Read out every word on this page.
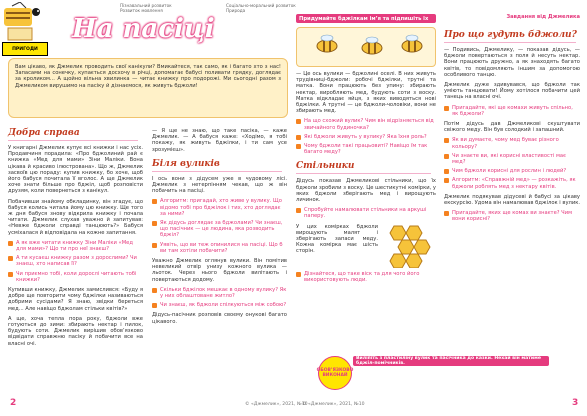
ПРИГОДИ
Пізнавальний розвиток
Розвиток мовлення
Соціально-моральний розвиток
Природа
На пасіці
Вам цікаво, як Джмелик проводить свої канікули? Вмикайтеся, так само, як і багато хто з нас! Запасами на сонечку, купається досхочу в річці, допомагає бабусі поливати грядку, доглядає за кроликом... А щойно вільна хвилинка — читає книжку про подорожі. Ми сьогодні разом з Джмеликом вирушимо на пасіку й дізнаємося, як живуть бджоли!
Добра справа
У книгарні Джмелик купує всі книжки і нас усіх. Продавчиня порадила: «Про бджолиний рай є книжка «Мед для мами» Зіни Маліки. Вона цікава й красиво ілюстрована». Що ж, Джмелик засвоїв цю пораду: купив книжку, бо хоче, щоб його бабуся почитала її вголос. А ще Джмелик хоче знати більше про бджіл, щоб розповісти друзям, коли повернеться з канікул.
Побачивши знайому обкладинку, він згадує, що бабуся колись читала йому цю книжку. Ще того ж дня бабуся знову відкрила книжку і почала читати. Джмелик слухав уважно й запитував: «Невже бджоли справді танцюють?» Бабуся усміхалася й відповідала на кожне запитання.
А як вже читати книжку Зіни Маліки «Мед для мами»? Що ти про неї знаєш?
А ти кусаєш книжку разом з дорослими? Чи знаєш, хто написав її?
Чи приємно тобі, коли дорослі читають тобі книжки?
Купивши книжку, Джмелик замислився: «Буду я добре ще повторити чому бджілки називаються добрими сусідами? Я знаю, звідки береться мед... Але навіщо бджолам стільки квітів?»
А ще, хоча тепла пора року, бджоли вже готуються до зими: збирають нектар і пилок, будують соти. Джмелик вирішив обов’язково відвідати справжню пасіку й побачити все на власні очі.
— Я ще не знаю, що таке пасіка, — каже Джмелик. — А бабуся каже: «Ходімо, я тобі покажу, як живуть бджілки, і ти сам усе зрозумієш».
Біля вуликів
І ось вони з дідусем уже в чудовому лісі. Джмелик з нетерпінням чекав, що ж він побачить на пасіці.
Алгоритм: пригадай, хто живе у вулику. Що відомо тобі про бджілок і тих, хто доглядає за ними?
Як дідусь доглядає за бджолами? Чи знаєш, що пасічник — це людина, яка розводить бджіл?
Уявіть, що ви теж опинилися на пасіці. Що б ви там хотіли побачити?
Уважно Джмелик оглянув вулики. Він помітив невеликий отвір унизу кожного вулика — льоток. Через нього бджоли вилітають і повертаються додому.
Скільки бджілок мешкає в одному вулику? Як у них облаштоване житло?
Чи знаєш, як бджоли спілкуються між собою?
Дідусь-пасічник розповів своєму онукові багато цікавого.
Придумайте бджілкам ім’я та підпишіть їх
— Це ось вулики — бджолині оселі. В них живуть трудівниці-бджоли: робочі бджілки, трутні та матка. Вони працюють без упину: збирають нектар, виробляють мед, будують соти з воску. Матка відкладає яйця, з яких виводяться нові бджілки. А трутні — це бджоли-чоловіки, вони не збирають мед.
На що схожий вулик? Чим він відрізняється від звичайного будиночка?
Які бджоли живуть у вулику? Яка їхня роль?
Чому бджоли такі працьовиті? Навіщо їм так багато меду?
Стільники
Дідусь показав Джмеликові стільники, що їх бджоли зробили з воску. Це шестикутні комірки, у яких бджоли зберігають мед і вирощують личинок.
Спробуйте намалювати стільники на аркуші паперу.
У цих комірках бджоли вирощують малят і зберігають запаси меду. Кожна комірка має шість сторін.
Дізнайтеся, що таке віск та для чого його використовують люди.
Виліпіть з пластиліну вулик та пасічника до казки. Нехай він матиме бджіл-помічників.
ОБОВ’ЯЗКОВО ВИКОНАЙ
Завдання від Джмелика
Про що гудуть бджоли?
— Подивись, Джмелику, — показав дідусь, — бджоли повертаються з поля й несуть нектар. Вони працюють дружно, а як знаходять багато квітів, то повідомляють іншим за допомогою особливого танцю.
Джмелик дуже здивувався, що бджоли так уміють танцювати! Йому хотілося побачити цей танець на власні очі.
Пригадайте, які ще комахи живуть спільно, як бджоли?
Потім дідусь дав Джмеликові скуштувати свіжого меду. Він був солодкий і запашний.
Як ви думаєте, чому мед буває різного кольору?
Чи знаєте ви, які корисні властивості має мед?
Чим бджоли корисні для рослин і людей?
Алгоритм: «Справжній мед» — розкажіть, як бджоли роблять мед з нектару квітів.
Джмелик подякував дідусеві й бабусі за цікаву екскурсію. Удома він намалював бджілок і вулик.
Пригадайте, яких ще комах ви знаєте? Чим вони корисні?
2	© «Джмелик», 2021, №10
© «Джмелик», 2021, №10	3
